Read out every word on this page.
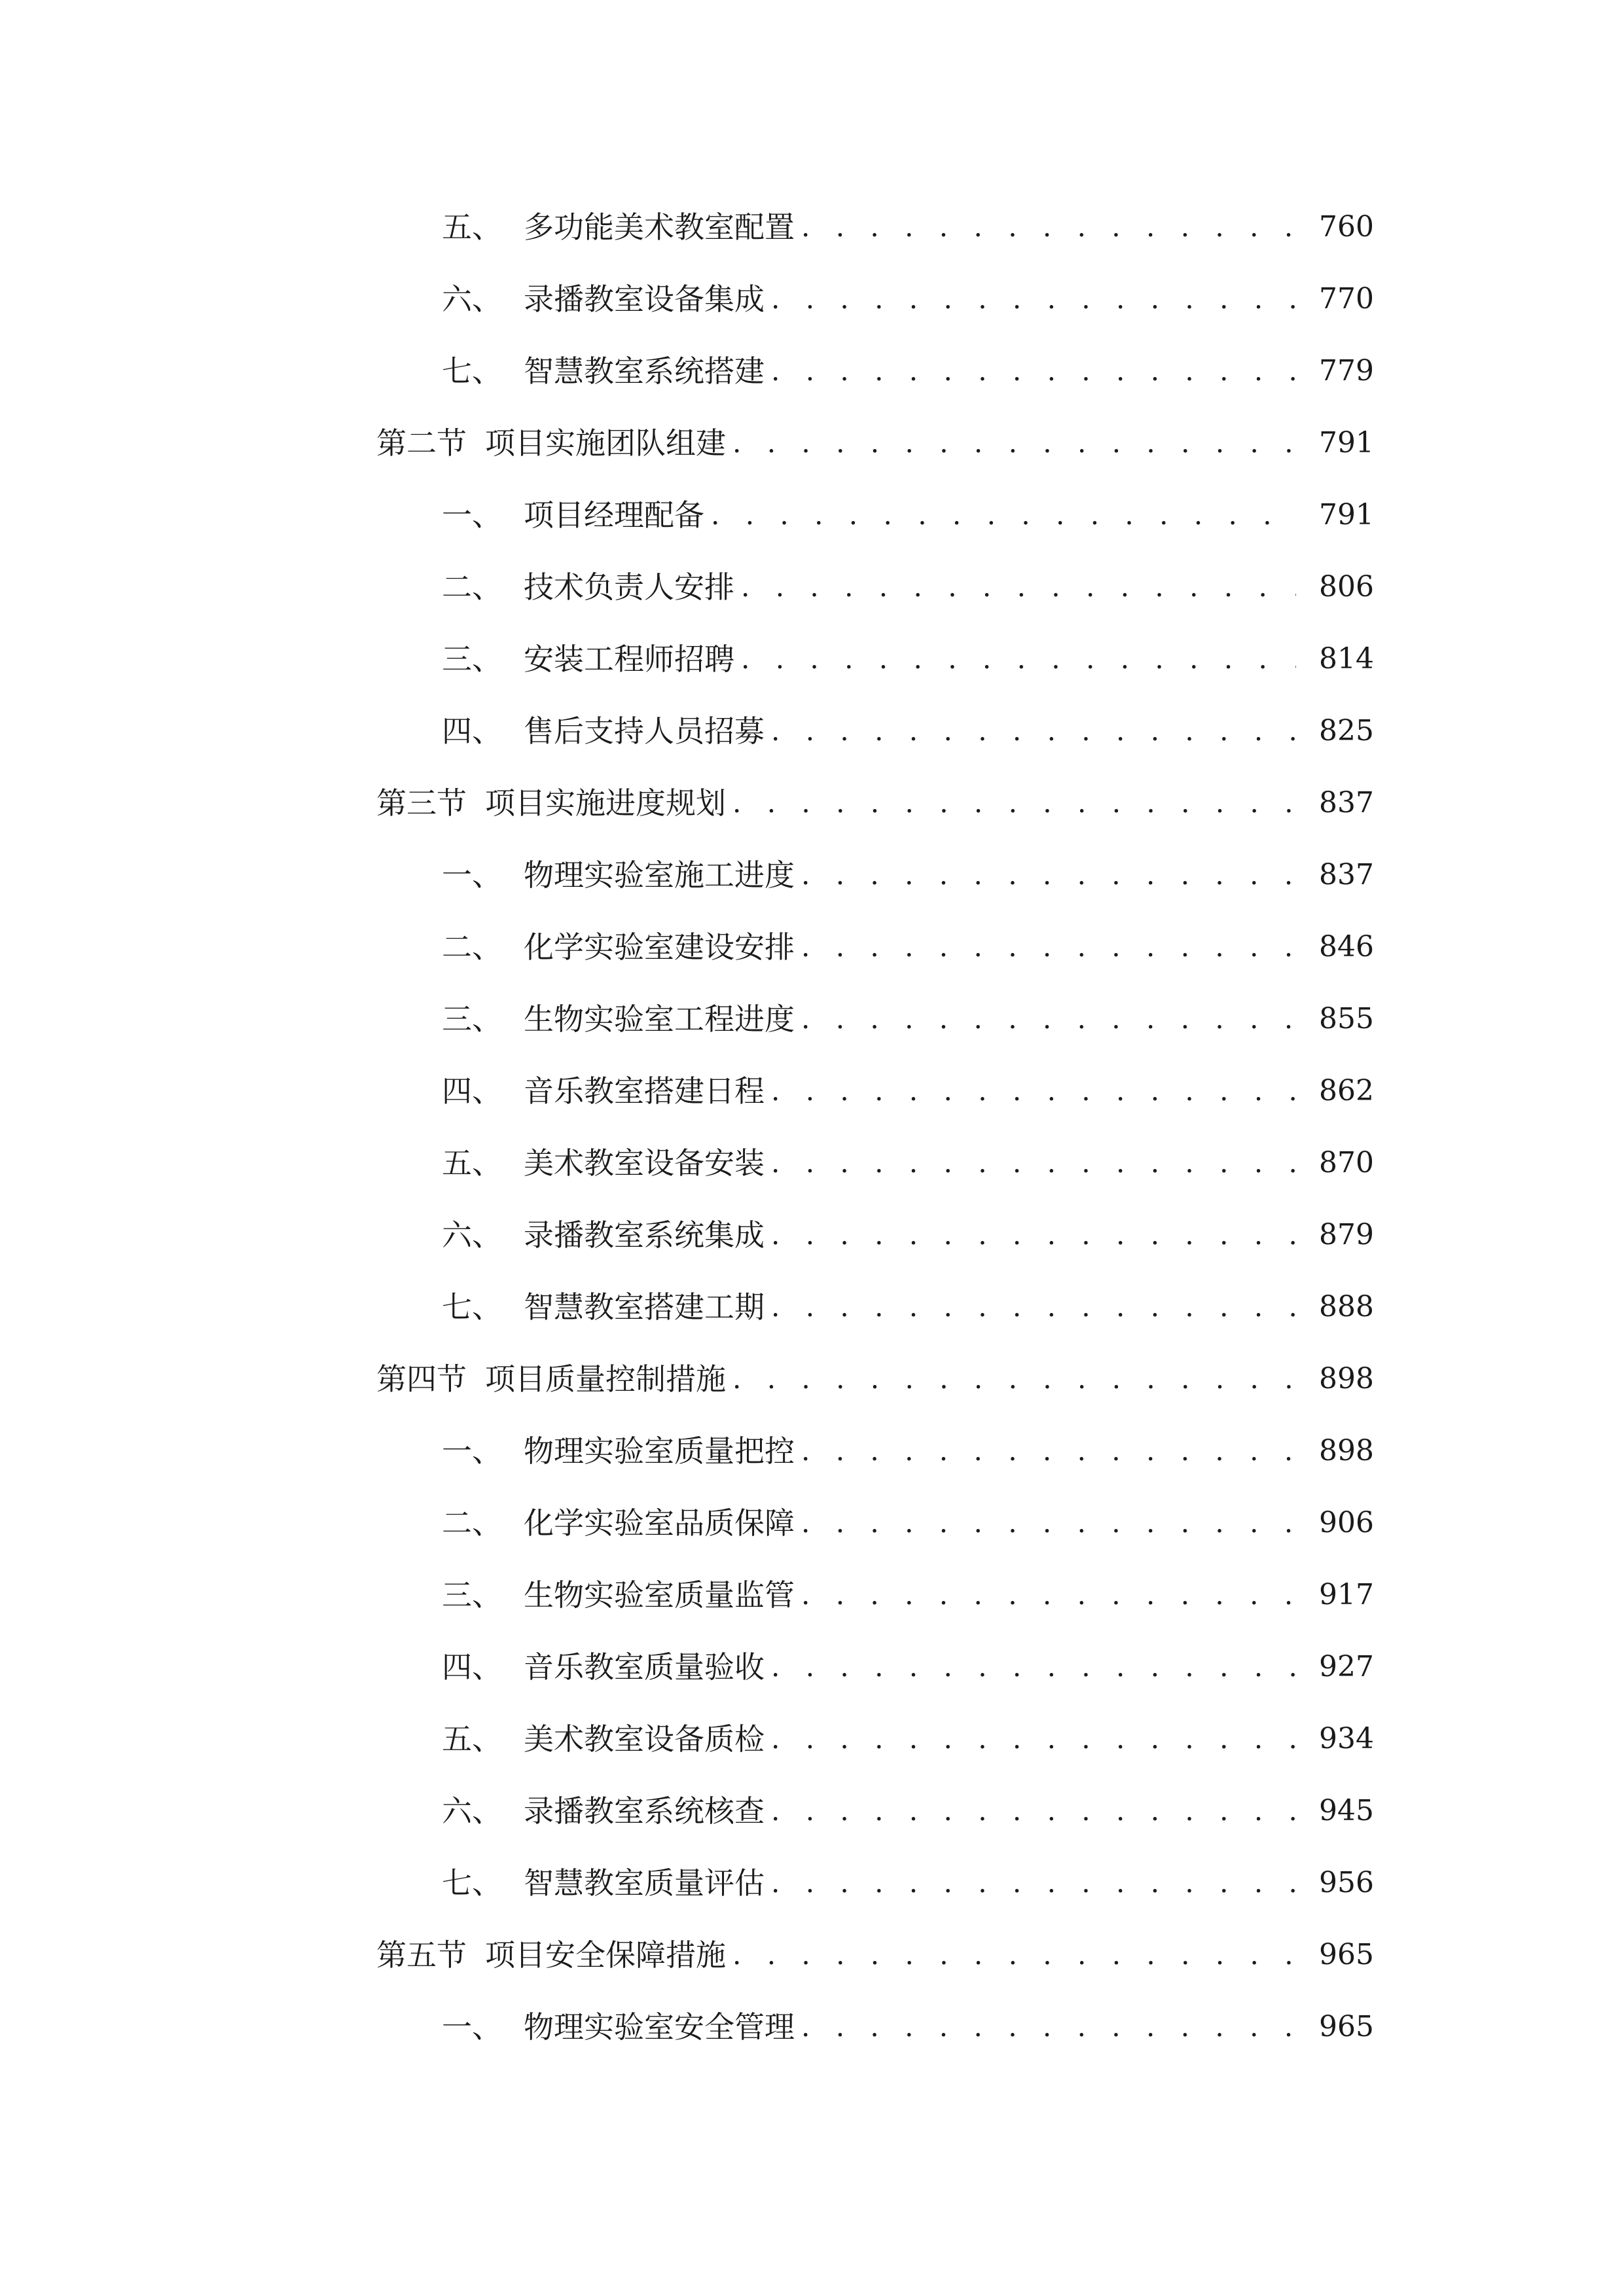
五、 多功能美术教室配置 . . .	760
六、 录播教室设备集成 . . .	770
七、 智慧教室系统搭建 . . .	779
第二节 项目实施团队组建 . . .	791
一、 项目经理配备 . . .	791
二、 技术负责人安排 . . .	806
三、 安装工程师招聘 . . .	814
四、 售后支持人员招募 . . .	825
第三节 项目实施进度规划 . . .	837
一、 物理实验室施工进度 . . .	837
二、 化学实验室建设安排 . . .	846
三、 生物实验室工程进度 . . .	855
四、 音乐教室搭建日程 . . .	862
五、 美术教室设备安装 . . .	870
六、 录播教室系统集成 . . .	879
七、 智慧教室搭建工期 . . .	888
第四节 项目质量控制措施 . . .	898
一、 物理实验室质量把控 . . .	898
二、 化学实验室品质保障 . . .	906
三、 生物实验室质量监管 . . .	917
四、 音乐教室质量验收 . . .	927
五、 美术教室设备质检 . . .	934
六、 录播教室系统核查 . . .	945
七、 智慧教室质量评估 . . .	956
第五节 项目安全保障措施 . . .	965
一、 物理实验室安全管理 . . .	965
